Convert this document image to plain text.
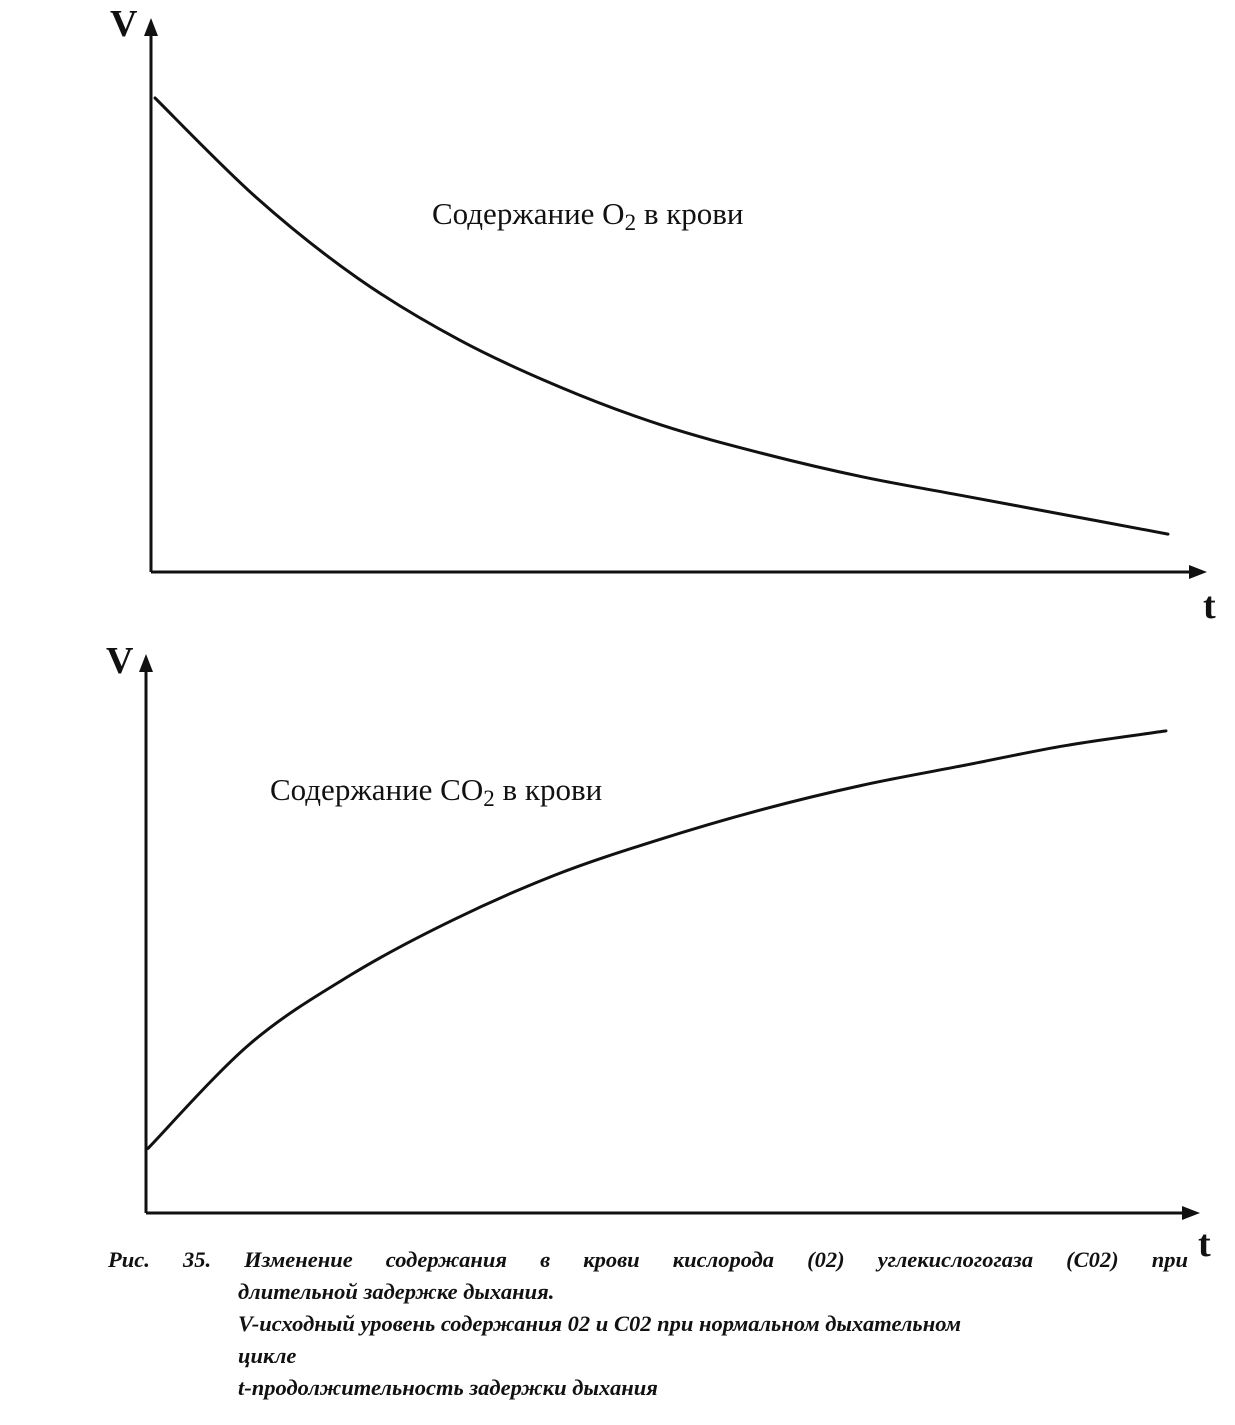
V
t
Содержание O2 в крови
V
t
Содержание CO2 в крови
Рис. 35. Изменение содержания в крови кислорода (02) углекислогогаза (С02) при
длительной задержке дыхания.
V-исходный уровень содержания 02 и С02 при нормальном дыхательном
цикле
t-продолжительность задержки дыхания
